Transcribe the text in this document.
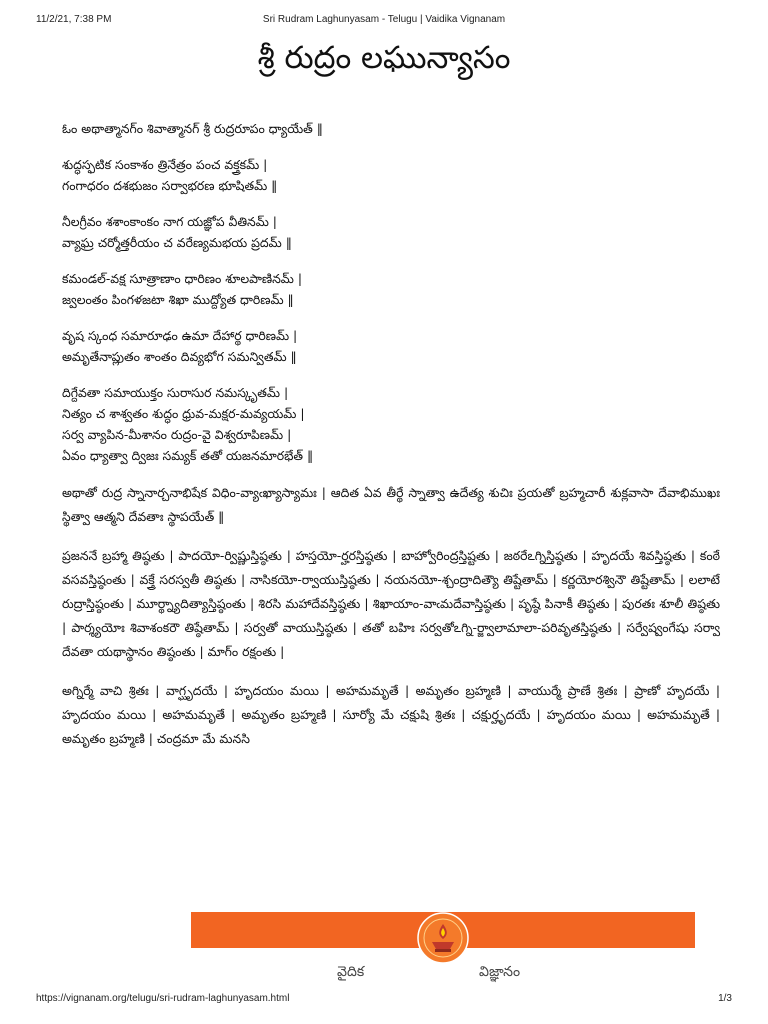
11/2/21, 7:38 PM	Sri Rudram Laghunyasam - Telugu | Vaidika Vignanam
శ్రీ రుద్రం లఘున్యాసం
ఓం అథాత్మానగ్ం శివాత్మానగ్ శ్రీ రుద్రరూపం ధ్యాయేత్ ‖
శుద్ధస్ఫటిక సంకాశం త్రినేత్రం పంచ వక్త్రకమ్ |
గంగాధరం దశభుజం సర్వాభరణ భూషితమ్ ‖
నీలగ్రీవం శశాంకాంకం నాగ యజ్ఞోప వీతినమ్ |
వ్యాఘ్ర చర్మోత్తరీయం చ వరేణ్యమభయ ప్రదమ్ ‖
కమండల్-వక్ష సూత్రాణాం ధారిణం శూలపాణినమ్ |
జ్వలంతం పింగళజటా శిఖా ముద్ద్యోత ధారిణమ్ ‖
వృష స్కంధ సమారూఢం ఉమా దేహార్థ ధారిణమ్ |
అమృతేనాప్లుతం శాంతం దివ్యభోగ సమన్వితమ్ ‖
దిగ్దేవతా సమాయుక్తం సురాసుర నమస్కృతమ్ |
నిత్యం చ శాశ్వతం శుద్ధం ధ్రువ-మక్షర-మవ్యయమ్ |
సర్వ వ్యాపిన-మీశానం రుద్రం-వై విశ్వరూపిణమ్ |
ఏవం ధ్యాత్వా ద్విజః సమ్యక్ తతో యజనమారభేత్ ‖

అథాతో రుద్ర స్నానార్చనాభిషేక విధిం-వ్యాఁఖ్యాస్యామః | ఆదిత ఏవ తీర్థే స్నాత్వా ఉదేత్య శుచిః ప్రయతో బ్రహ్మచారీ శుక్లవాసా దేవాభిముఖః స్థిత్వా ఆత్మని దేవతాః స్థాపయేత్ ‖

ప్రజననే బ్రహ్మా తిష్ఠతు | పాదయో-ర్విష్ణుస్తిష్ఠతు | హస్తయో-ర్హరస్తిష్ఠతు | బాహ్వోరింద్రస్తిష్టతు | జఠరేఽగ్నిస్తిష్ఠతు | హృదయే శివస్తిష్ఠతు | కంఠే వసవస్తిష్ఠంతు | వక్త్రే సరస్వతీ తిష్ఠతు | నాసికయో-ర్వాయుస్తిష్ఠతు | నయనయో-శ్చంద్రాదిత్యౌ తిష్టేతామ్ | కర్ణయోరశ్వినౌ తిష్టేతామ్ | లలాటే రుద్రాస్తిష్ఠంతు | మూర్థ్న్యాదిత్యాస్తిష్ఠంతు | శిరసి మహాదేవస్తిష్ఠతు | శిఖాయాం-వాఁమదేవాస్తిష్ఠతు | పృష్ఠే పినాకీ తిష్ఠతు | పురతః శూలీ తిష్ఠతు | పార్శ్యయోః శివాశంకరౌ తిష్ఠేతామ్ | సర్వతో వాయుస్తిష్ఠతు | తతో బహిః సర్వతోఽగ్ని-ర్జ్వాలామాలా-పరివృతస్తిష్ఠతు | సర్వేష్వంగేషు సర్వా దేవతా యథాస్థానం తిష్ఠంతు | మాగ్ం రక్షంతు |

అగ్నిర్మే వాచి శ్రితః | వాగ్ఘృదయే | హృదయం మయి | అహమమృతే | అమృతం బ్రహ్మణి | వాయుర్మే ప్రాణే శ్రితః | ప్రాణో హృదయే | హృదయం మయి | అహమమృతే | అమృతం బ్రహ్మణి | సూర్యో మే చక్షుషి శ్రితః | చక్షుర్హృదయే | హృదయం మయి | అహమమృతే | అమృతం బ్రహ్మణి | చంద్రమా మే మనసి

వైదిక	విజ్ఞానం
https://vignanam.org/telugu/sri-rudram-laghunyasam.html	1/3
